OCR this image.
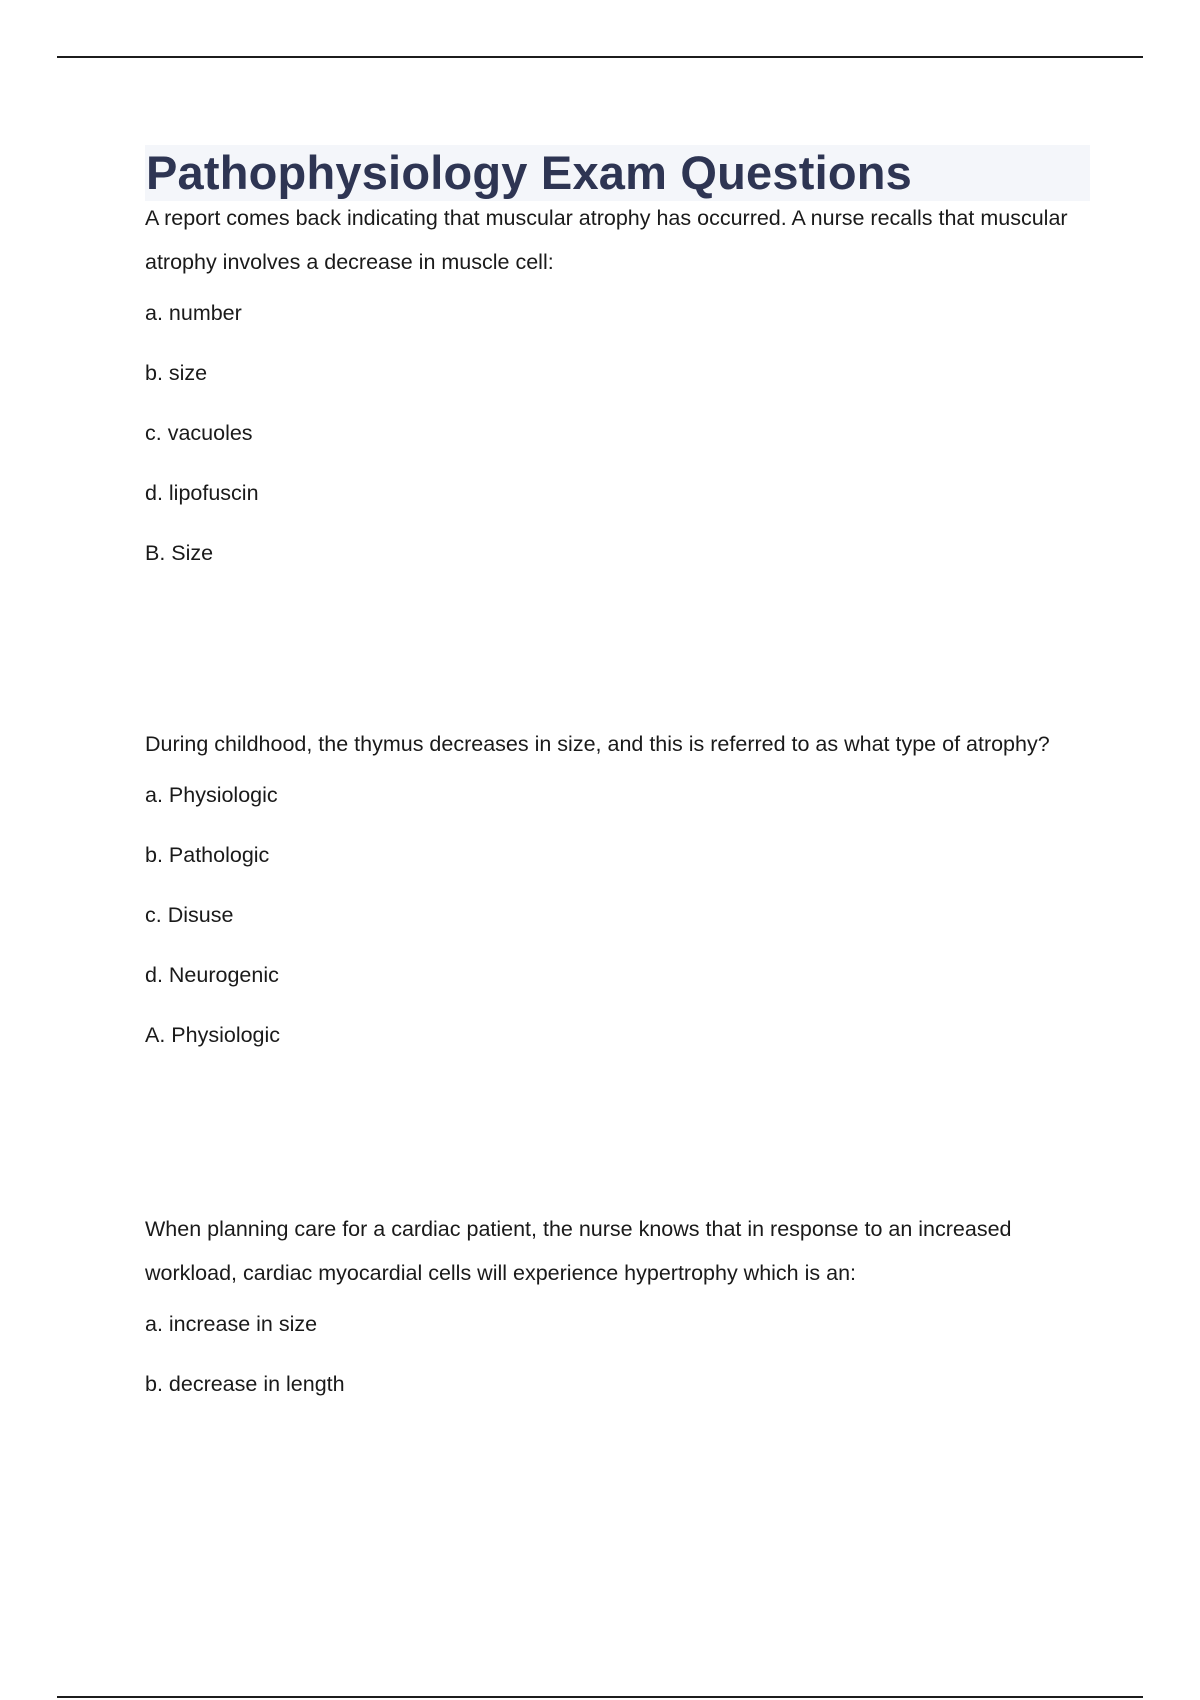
Pathophysiology Exam Questions

A report comes back indicating that muscular atrophy has occurred. A nurse recalls that muscular atrophy involves a decrease in muscle cell:

a. number

b. size

c. vacuoles

d. lipofuscin

B. Size

During childhood, the thymus decreases in size, and this is referred to as what type of atrophy?

a. Physiologic

b. Pathologic

c. Disuse

d. Neurogenic

A. Physiologic

When planning care for a cardiac patient, the nurse knows that in response to an increased workload, cardiac myocardial cells will experience hypertrophy which is an:

a. increase in size

b. decrease in length
